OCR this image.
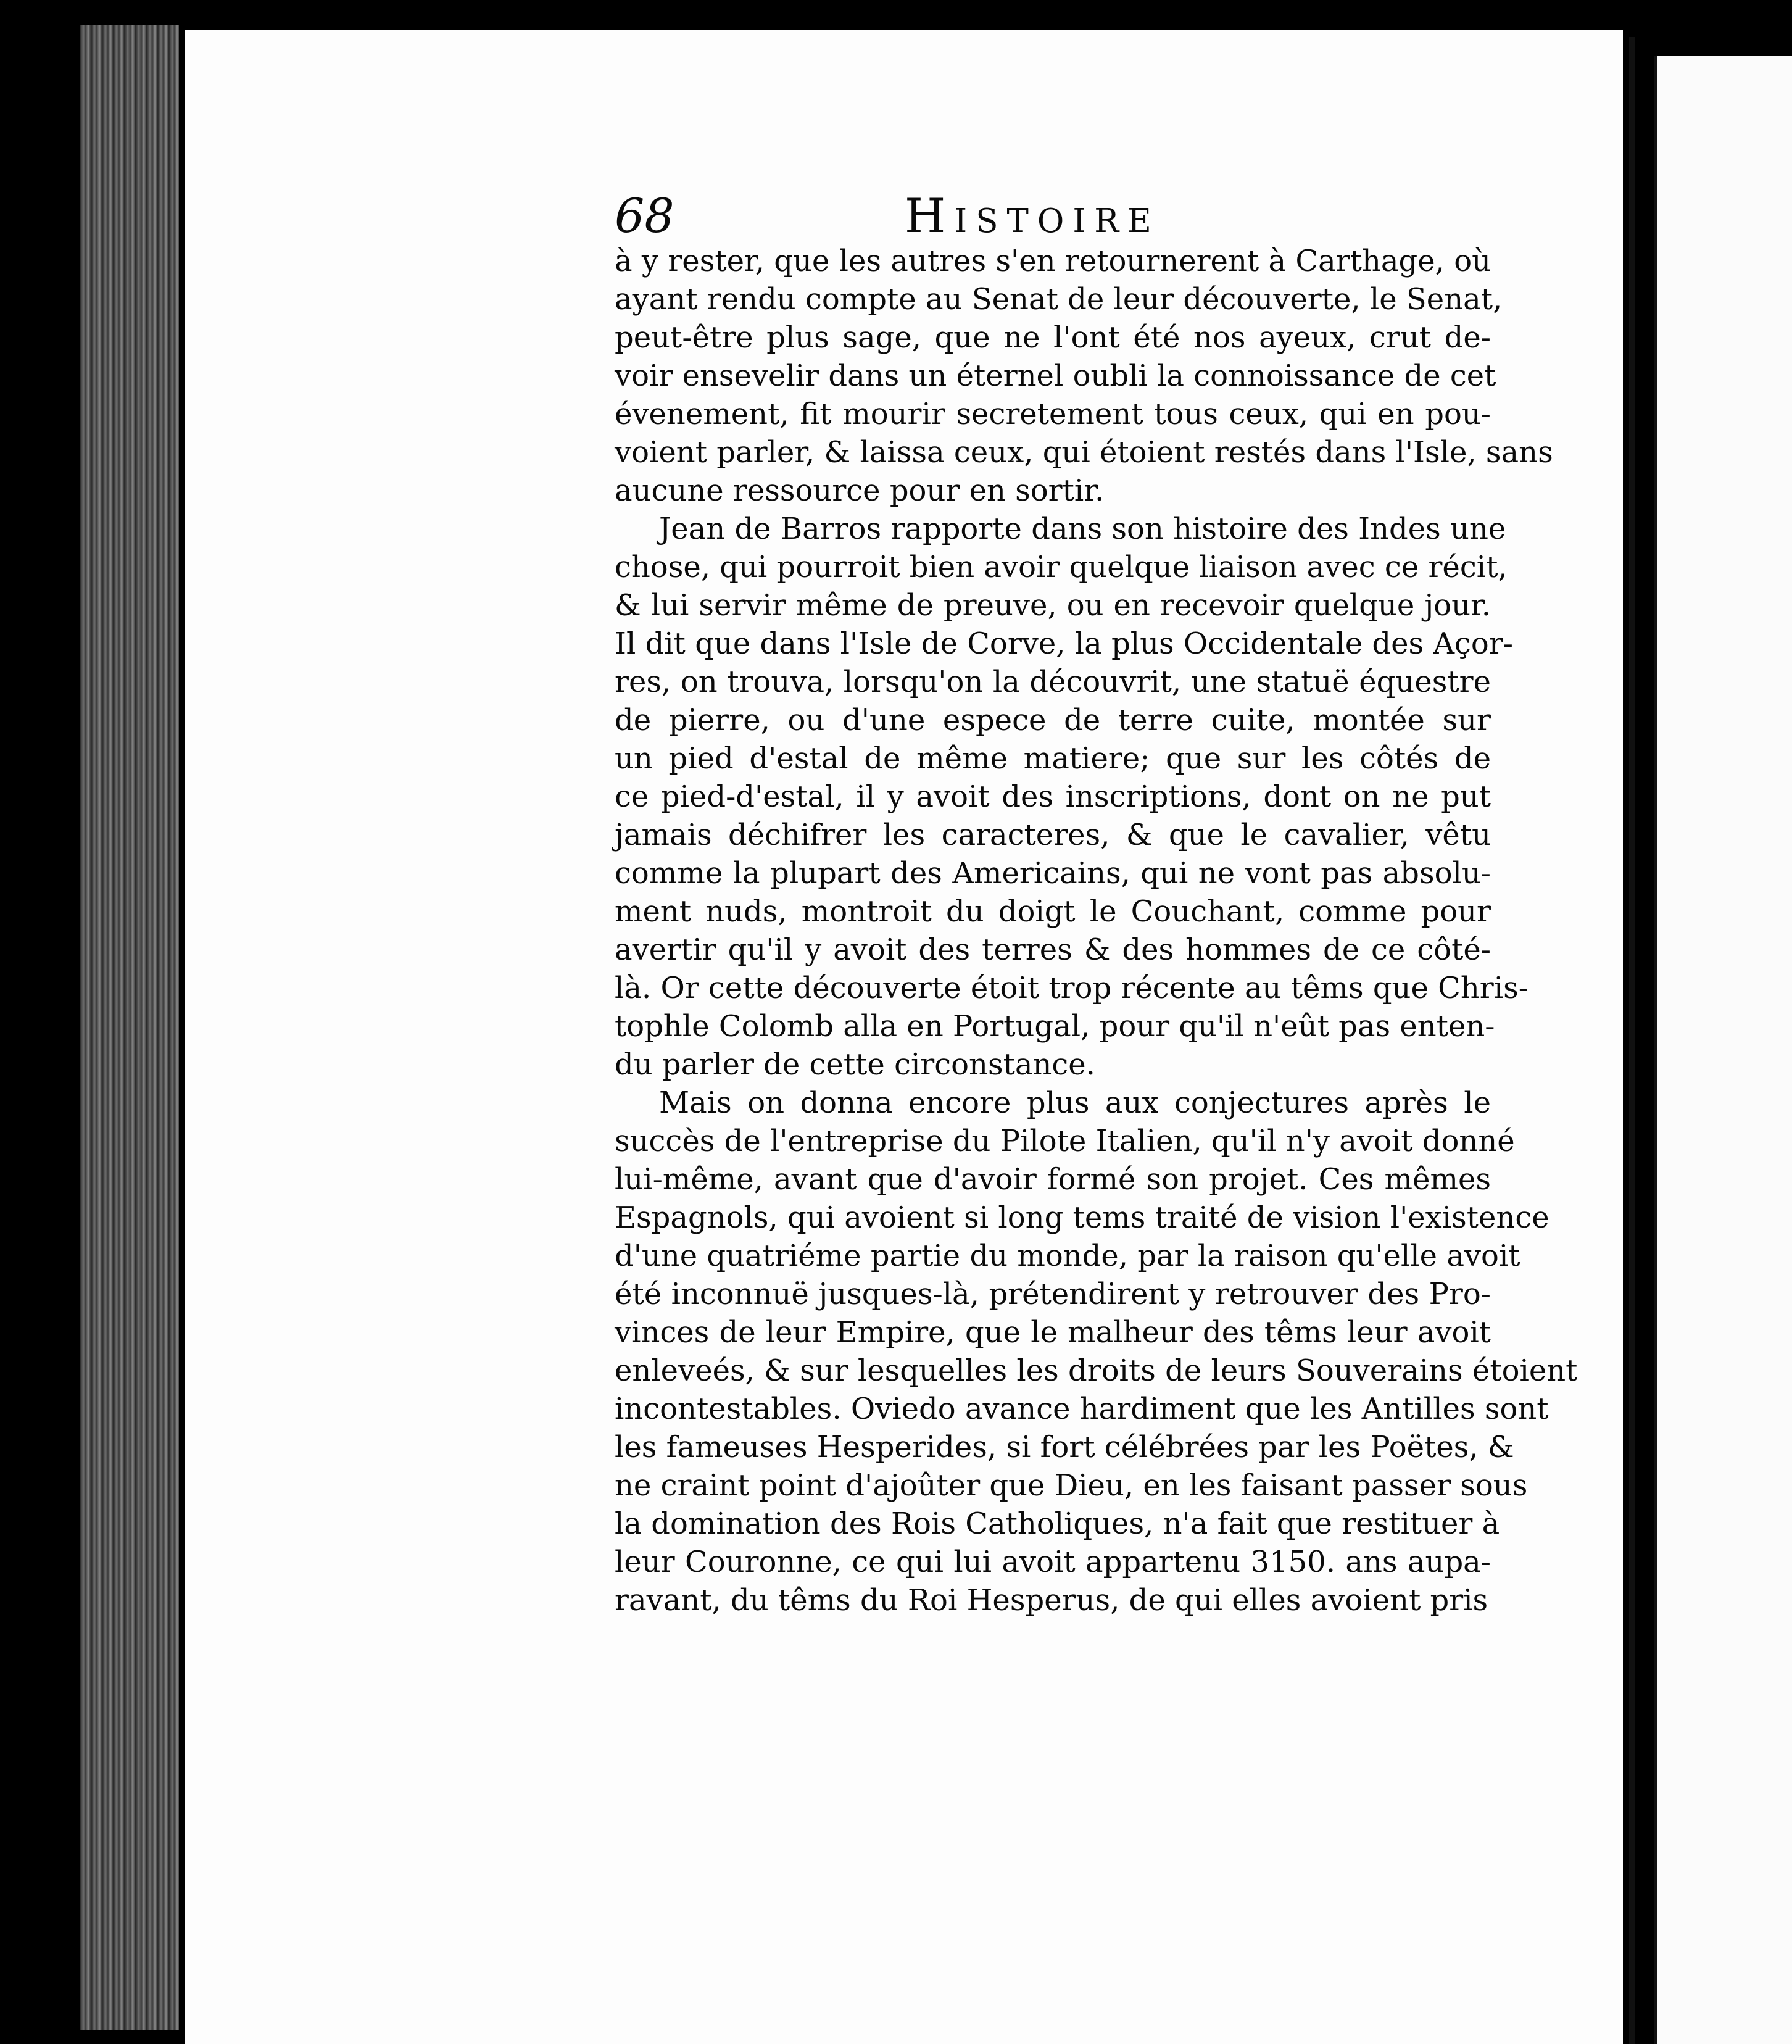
68	Histoire
à y rester, que les autres s'en retournerent à Carthage, où
ayant rendu compte au Senat de leur découverte, le Senat,
peut-être plus sage, que ne l'ont été nos ayeux, crut de-
voir ensevelir dans un éternel oubli la connoissance de cet
évenement, fit mourir secretement tous ceux, qui en pou-
voient parler, & laissa ceux, qui étoient restés dans l'Isle, sans
aucune ressource pour en sortir.
Jean de Barros rapporte dans son histoire des Indes une
chose, qui pourroit bien avoir quelque liaison avec ce récit,
& lui servir même de preuve, ou en recevoir quelque jour.
Il dit que dans l'Isle de Corve, la plus Occidentale des Açor-
res, on trouva, lorsqu'on la découvrit, une statuë équestre
de pierre, ou d'une espece de terre cuite, montée sur
un pied d'estal de même matiere; que sur les côtés de
ce pied-d'estal, il y avoit des inscriptions, dont on ne put
jamais déchifrer les caracteres, & que le cavalier, vêtu
comme la plupart des Americains, qui ne vont pas absolu-
ment nuds, montroit du doigt le Couchant, comme pour
avertir qu'il y avoit des terres & des hommes de ce côté-
là. Or cette découverte étoit trop récente au têms que Chris-
tophle Colomb alla en Portugal, pour qu'il n'eût pas enten-
du parler de cette circonstance.
Mais on donna encore plus aux conjectures après le
succès de l'entreprise du Pilote Italien, qu'il n'y avoit donné
lui-même, avant que d'avoir formé son projet. Ces mêmes
Espagnols, qui avoient si long tems traité de vision l'existence
d'une quatriéme partie du monde, par la raison qu'elle avoit
été inconnuë jusques-là, prétendirent y retrouver des Pro-
vinces de leur Empire, que le malheur des têms leur avoit
enleveés, & sur lesquelles les droits de leurs Souverains étoient
incontestables. Oviedo avance hardiment que les Antilles sont
les fameuses Hesperides, si fort célébrées par les Poëtes, &
ne craint point d'ajoûter que Dieu, en les faisant passer sous
la domination des Rois Catholiques, n'a fait que restituer à
leur Couronne, ce qui lui avoit appartenu 3150. ans aupa-
ravant, du têms du Roi Hesperus, de qui elles avoient pris
